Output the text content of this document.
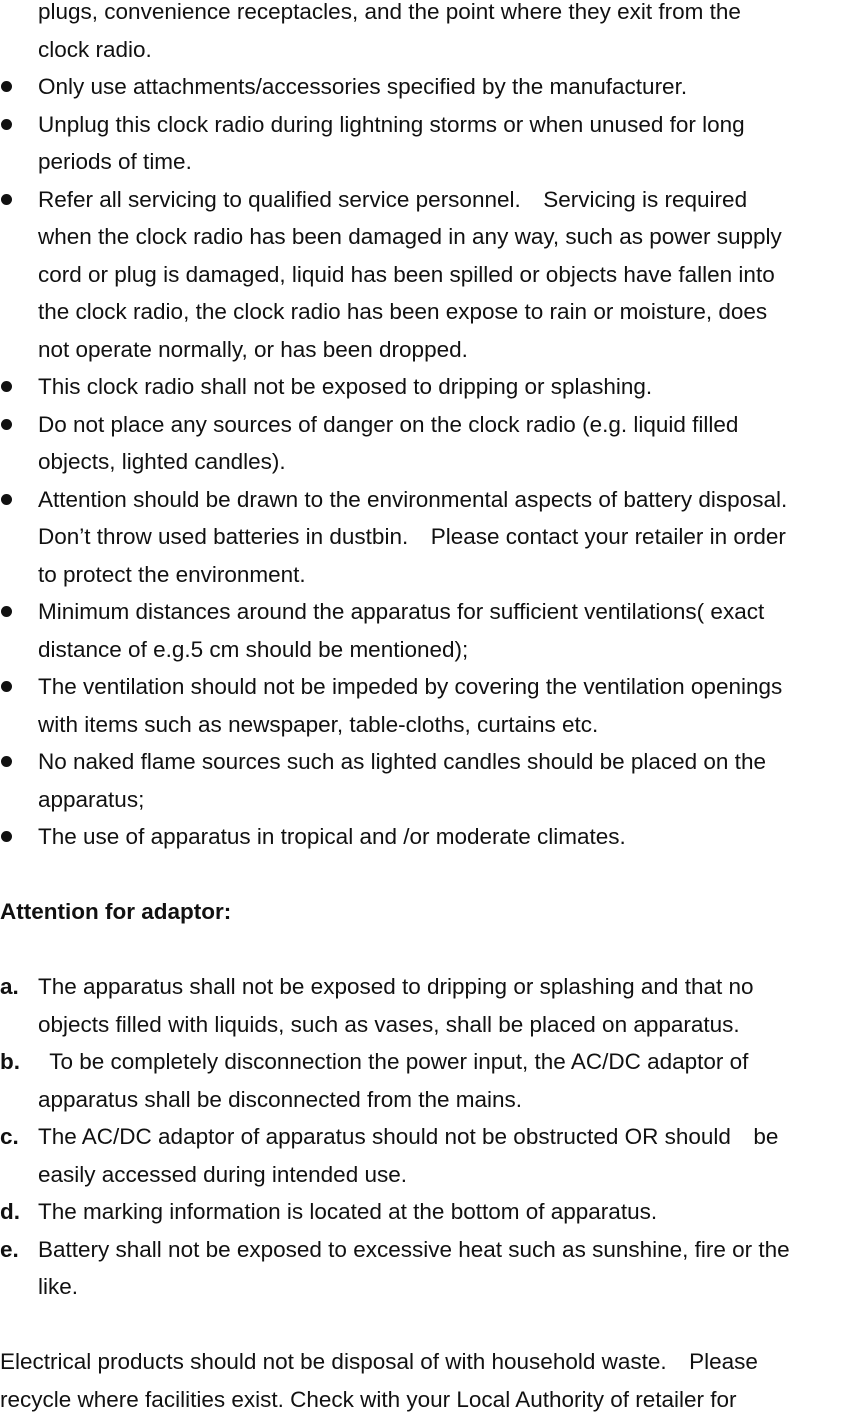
plugs, convenience receptacles, and the point where they exit from the
clock radio.
Only use attachments/accessories specified by the manufacturer.
Unplug this clock radio during lightning storms or when unused for long
periods of time.
Refer all servicing to qualified service personnel.  Servicing is required
when the clock radio has been damaged in any way, such as power supply
cord or plug is damaged, liquid has been spilled or objects have fallen into
the clock radio, the clock radio has been expose to rain or moisture, does
not operate normally, or has been dropped.
This clock radio shall not be exposed to dripping or splashing.
Do not place any sources of danger on the clock radio (e.g. liquid filled
objects, lighted candles).
Attention should be drawn to the environmental aspects of battery disposal.
Don’t throw used batteries in dustbin.  Please contact your retailer in order
to protect the environment.
Minimum distances around the apparatus for sufficient ventilations( exact
distance of e.g.5 cm should be mentioned);
The ventilation should not be impeded by covering the ventilation openings
with items such as newspaper, table-cloths, curtains etc.
No naked flame sources such as lighted candles should be placed on the
apparatus;
The use of apparatus in tropical and /or moderate climates.
Attention for adaptor:
a. The apparatus shall not be exposed to dripping or splashing and that no
objects filled with liquids, such as vases, shall be placed on apparatus.
b.  To be completely disconnection the power input, the AC/DC adaptor of
apparatus shall be disconnected from the mains.
c. The AC/DC adaptor of apparatus should not be obstructed OR should  be
easily accessed during intended use.
d. The marking information is located at the bottom of apparatus.
e. Battery shall not be exposed to excessive heat such as sunshine, fire or the
like.
Electrical products should not be disposal of with household waste.  Please
recycle where facilities exist. Check with your Local Authority of retailer for
